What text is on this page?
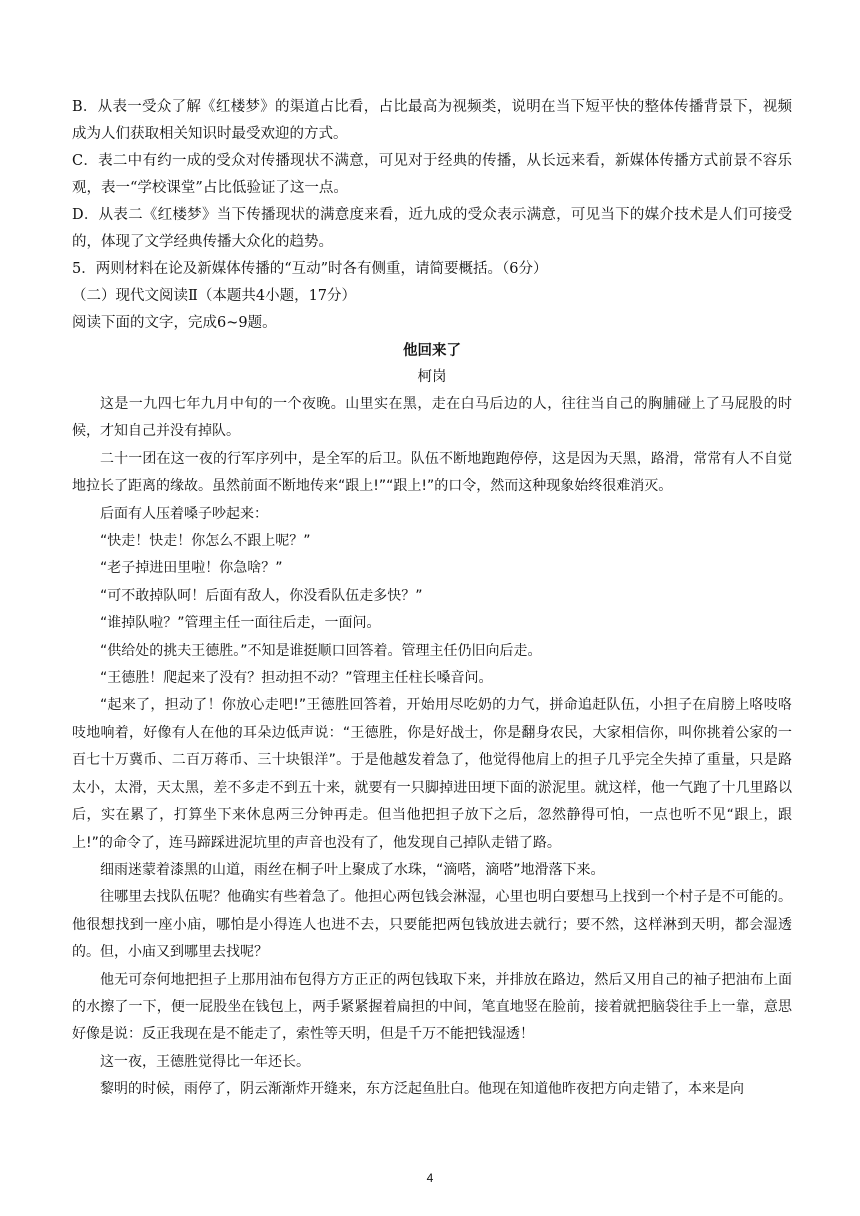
B．从表一受众了解《红楼梦》的渠道占比看，占比最高为视频类，说明在当下短平快的整体传播背景下，视频成为人们获取相关知识时最受欢迎的方式。

C．表二中有约一成的受众对传播现状不满意，可见对于经典的传播，从长远来看，新媒体传播方式前景不容乐观，表一“学校课堂”占比低验证了这一点。

D．从表二《红楼梦》当下传播现状的满意度来看，近九成的受众表示满意，可见当下的媒介技术是人们可接受的，体现了文学经典传播大众化的趋势。

5．两则材料在论及新媒体传播的“互动”时各有侧重，请简要概括。（6分）

（二）现代文阅读Ⅱ（本题共4小题，17分）

阅读下面的文字，完成6~9题。

他回来了

柯岗

这是一九四七年九月中旬的一个夜晚。山里实在黑，走在白马后边的人，往往当自己的胸脯碰上了马屁股的时候，才知自己并没有掉队。

二十一团在这一夜的行军序列中，是全军的后卫。队伍不断地跑跑停停，这是因为天黑，路滑，常常有人不自觉地拉长了距离的缘故。虽然前面不断地传来“跟上!”“跟上!”的口令，然而这种现象始终很难消灭。

后面有人压着嗓子吵起来：

“快走！快走！你怎么不跟上呢？”

“老子掉进田里啦！你急啥？”

“可不敢掉队呵！后面有敌人，你没看队伍走多快？”

“谁掉队啦？”管理主任一面往后走，一面问。

“供给处的挑夫王德胜。”不知是谁挺顺口回答着。管理主任仍旧向后走。

“王德胜！爬起来了没有？担动担不动？”管理主任柱长嗓音问。

“起来了，担动了！你放心走吧!”王德胜回答着，开始用尽吃奶的力气，拼命追赶队伍，小担子在肩膀上咯吱咯吱地响着，好像有人在他的耳朵边低声说：“王德胜，你是好战士，你是翻身农民，大家相信你，叫你挑着公家的一百七十万冀币、二百万蒋币、三十块银洋”。于是他越发着急了，他觉得他肩上的担子几乎完全失掉了重量，只是路太小，太滑，天太黑，差不多走不到五十来，就要有一只脚掉进田埂下面的淤泥里。就这样，他一气跑了十几里路以后，实在累了，打算坐下来休息两三分钟再走。但当他把担子放下之后，忽然静得可怕，一点也听不见“跟上，跟上!”的命令了，连马蹄踩进泥坑里的声音也没有了，他发现自己掉队走错了路。

细雨迷蒙着漆黑的山道，雨丝在桐子叶上聚成了水珠，“滴嗒，滴嗒”地滑落下来。

往哪里去找队伍呢？他确实有些着急了。他担心两包钱会淋湿，心里也明白要想马上找到一个村子是不可能的。他很想找到一座小庙，哪怕是小得连人也进不去，只要能把两包钱放进去就行；要不然，这样淋到天明，都会湿透的。但，小庙又到哪里去找呢？

他无可奈何地把担子上那用油布包得方方正正的两包钱取下来，并排放在路边，然后又用自己的袖子把油布上面的水擦了一下，便一屁股坐在钱包上，两手紧紧握着扁担的中间，笔直地竖在脸前，接着就把脑袋往手上一靠，意思好像是说：反正我现在是不能走了，索性等天明，但是千万不能把钱湿透！

这一夜，王德胜觉得比一年还长。

黎明的时候，雨停了，阴云渐渐炸开缝来，东方泛起鱼肚白。他现在知道他昨夜把方向走错了，本来是向

4
